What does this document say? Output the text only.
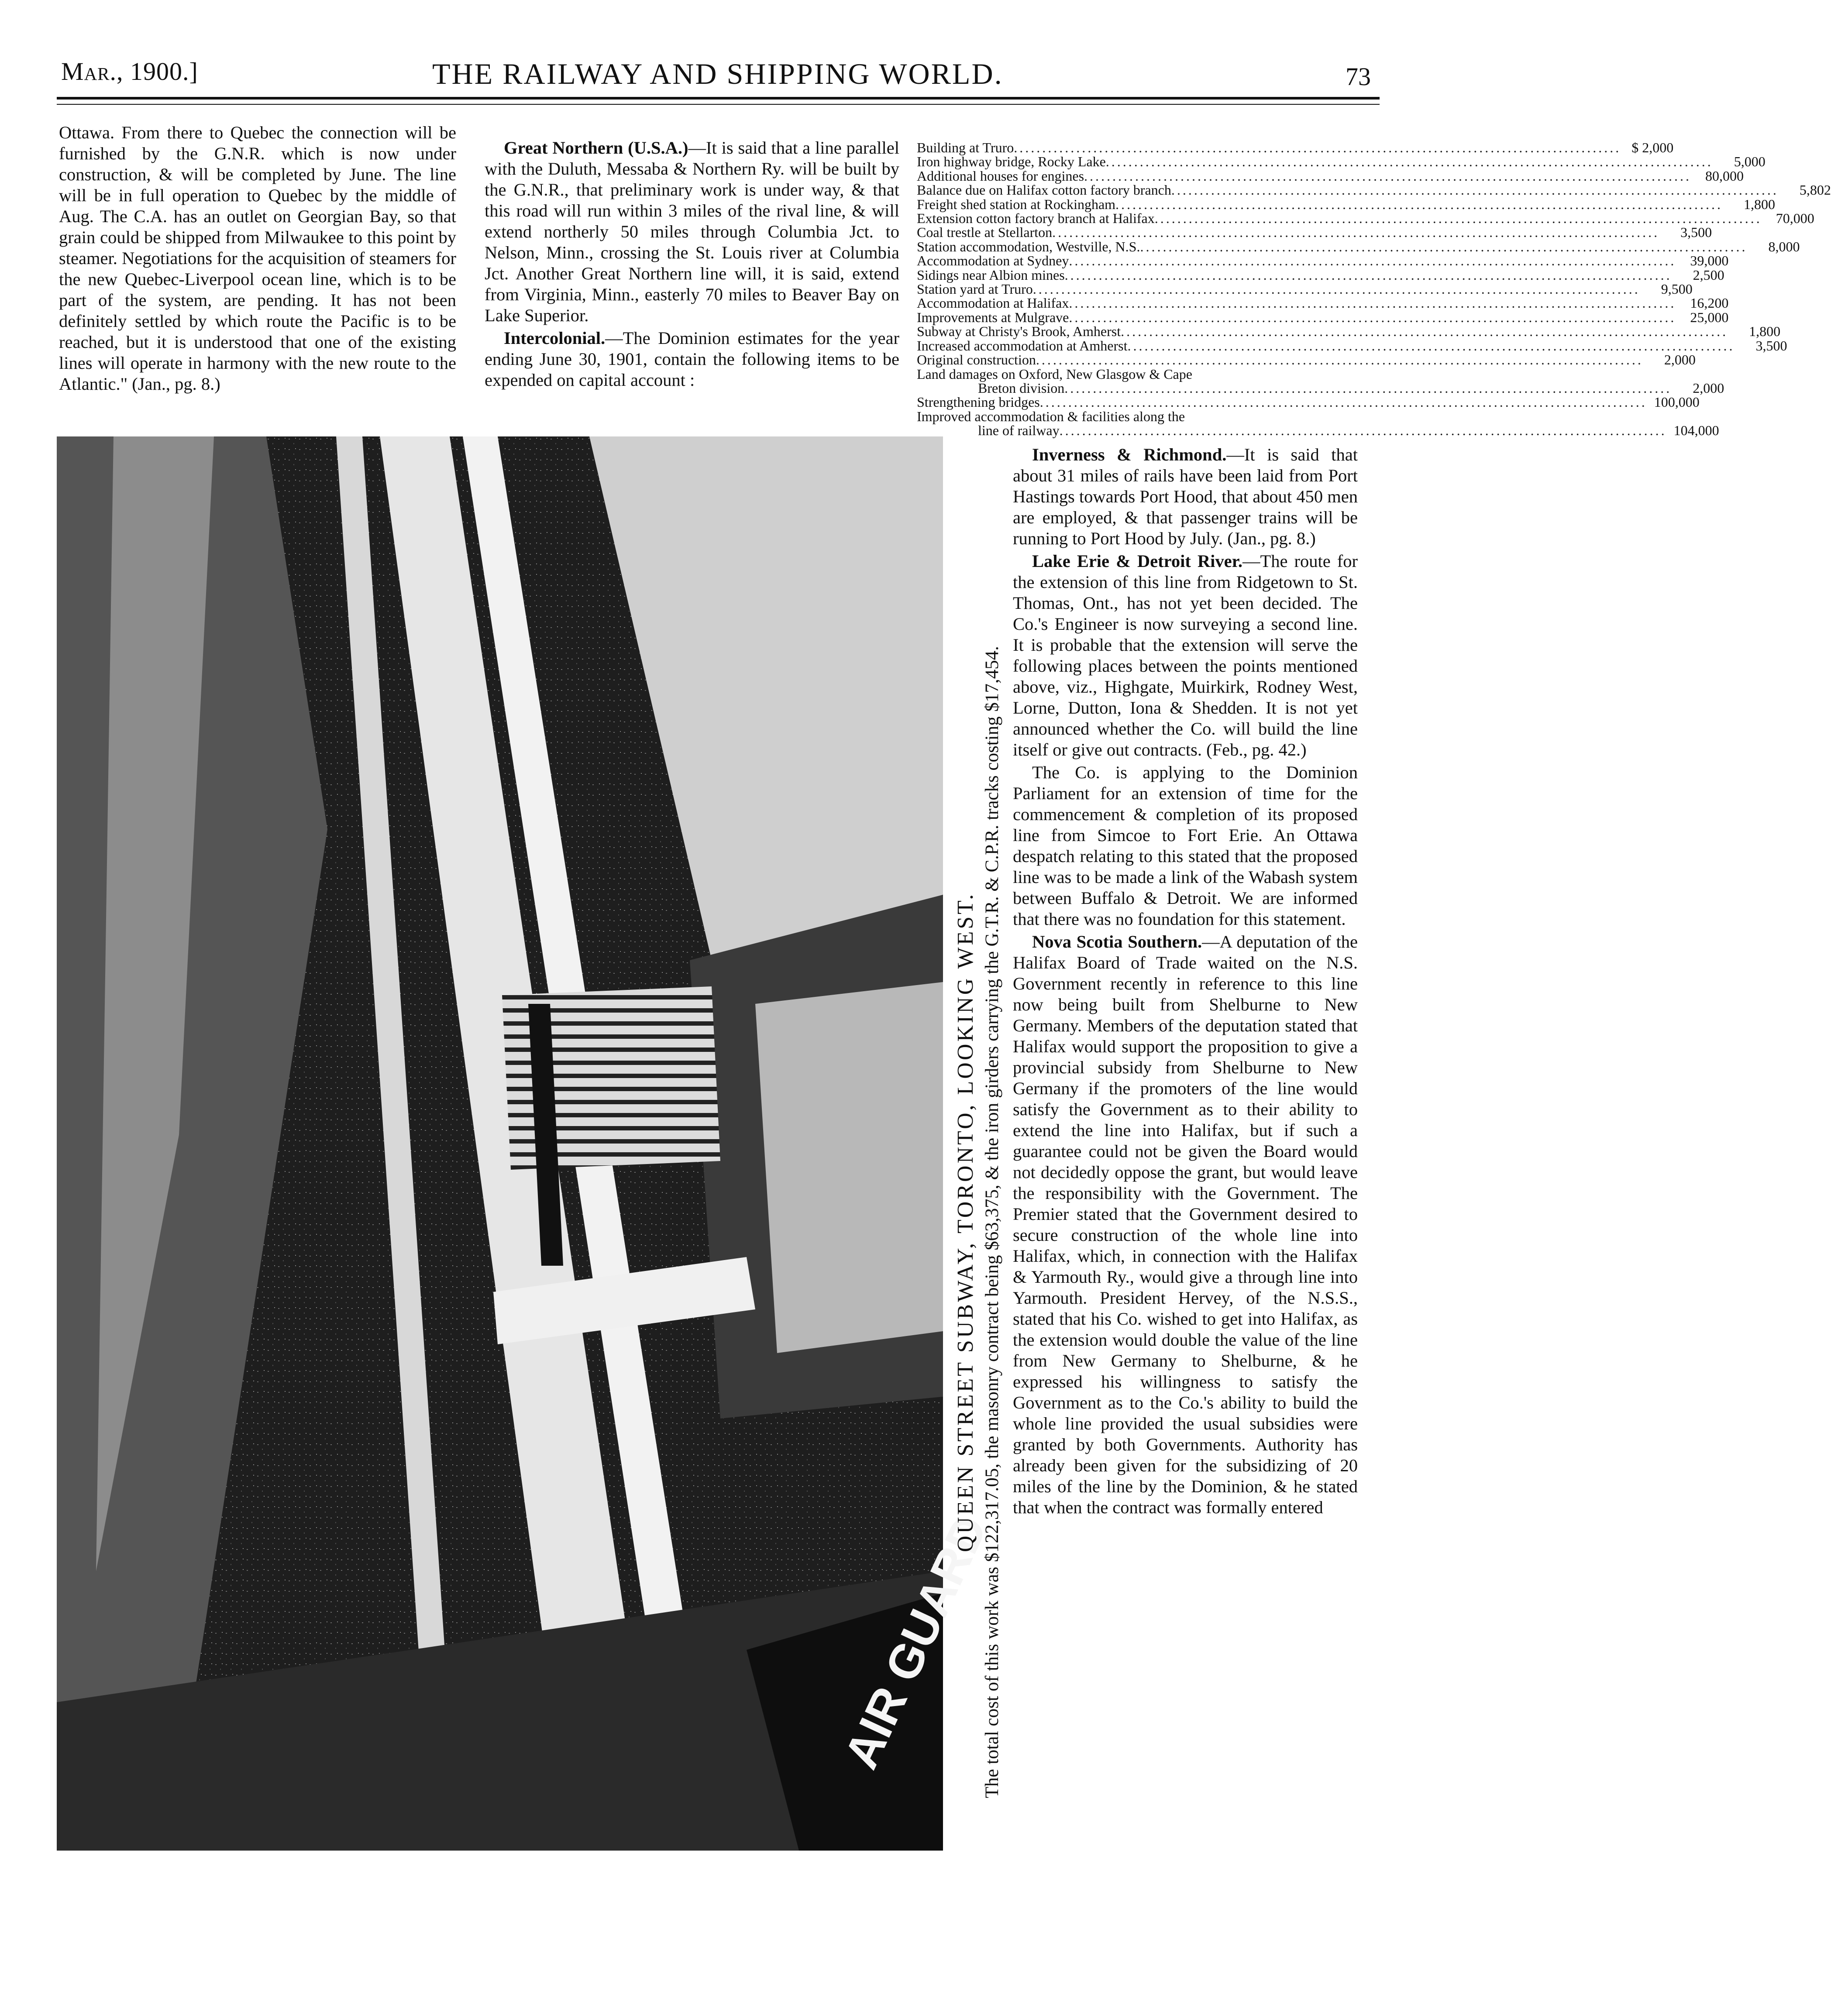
Mar., 1900.]	THE RAILWAY AND SHIPPING WORLD.	73

Ottawa. From there to Quebec the connection will be furnished by the G.N.R. which is now under construction, & will be completed by June. The line will be in full operation to Quebec by the middle of Aug. The C.A. has an outlet on Georgian Bay, so that grain could be shipped from Milwaukee to this point by steamer. Negotiations for the acquisition of steamers for the new Quebec-Liverpool ocean line, which is to be part of the system, are pending. It has not been definitely settled by which route the Pacific is to be reached, but it is understood that one of the existing lines will operate in harmony with the new route to the Atlantic." (Jan., pg. 8.)

Great Northern (U.S.A.)—It is said that a line parallel with the Duluth, Messaba & Northern Ry. will be built by the G.N.R., that preliminary work is under way, & that this road will run within 3 miles of the rival line, & will extend northerly 50 miles through Columbia Jct. to Nelson, Minn., crossing the St. Louis river at Columbia Jct. Another Great Northern line will, it is said, extend from Virginia, Minn., easterly 70 miles to Beaver Bay on Lake Superior.

Intercolonial.—The Dominion estimates for the year ending June 30, 1901, contain the following items to be expended on capital account :

Building at Truro .....	$ 2,000
Iron highway bridge, Rocky Lake .....	5,000
Additional houses for engines .....	80,000
Balance due on Halifax cotton factory branch .....	5,802
Freight shed station at Rockingham .....	1,800
Extension cotton factory branch at Halifax .....	70,000
Coal trestle at Stellarton .....	3,500
Station accommodation, Westville, N.S. .....	8,000
Accommodation at Sydney .....	39,000
Sidings near Albion mines .....	2,500
Station yard at Truro .....	9,500
Accommodation at Halifax .....	16,200
Improvements at Mulgrave .....	25,000
Subway at Christy's Brook, Amherst .....	1,800
Increased accommodation at Amherst .....	3,500
Original construction .....	2,000
Land damages on Oxford, New Glasgow & Cape
Breton division .....	2,000
Strengthening bridges .....	100,000
Improved accommodation & facilities along the
line of railway .....	104,000
AIR GUARD

Inverness & Richmond.—It is said that about 31 miles of rails have been laid from Port Hastings towards Port Hood, that about 450 men are employed, & that passenger trains will be running to Port Hood by July. (Jan., pg. 8.)

Lake Erie & Detroit River.—The route for the extension of this line from Ridgetown to St. Thomas, Ont., has not yet been decided. The Co.'s Engineer is now surveying a second line. It is probable that the extension will serve the following places between the points mentioned above, viz., Highgate, Muirkirk, Rodney West, Lorne, Dutton, Iona & Shedden. It is not yet announced whether the Co. will build the line itself or give out contracts. (Feb., pg. 42.)

The Co. is applying to the Dominion Parliament for an extension of time for the commencement & completion of its proposed line from Simcoe to Fort Erie. An Ottawa despatch relating to this stated that the proposed line was to be made a link of the Wabash system between Buffalo & Detroit. We are informed that there was no foundation for this statement.

Nova Scotia Southern.—A deputation of the Halifax Board of Trade waited on the N.S. Government recently in reference to this line now being built from Shelburne to New Germany. Members of the deputation stated that Halifax would support the proposition to give a provincial subsidy from Shelburne to New Germany if the promoters of the line would satisfy the Government as to their ability to extend the line into Halifax, but if such a guarantee could not be given the Board would not decidedly oppose the grant, but would leave the responsibility with the Government. The Premier stated that the Government desired to secure construction of the whole line into Halifax, which, in connection with the Halifax & Yarmouth Ry., would give a through line into Yarmouth. President Hervey, of the N.S.S., stated that his Co. wished to get into Halifax, as the extension would double the value of the line from New Germany to Shelburne, & he expressed his willingness to satisfy the Government as to the Co.'s ability to build the whole line provided the usual subsidies were granted by both Governments. Authority has already been given for the subsidizing of 20 miles of the line by the Dominion, & he stated that when the contract was formally entered

QUEEN STREET SUBWAY, TORONTO, LOOKING WEST. The total cost of this work was $122,317.05, the masonry contract being $63,375, & the iron girders carrying the G.T.R. & C.P.R. tracks costing $17,454.
